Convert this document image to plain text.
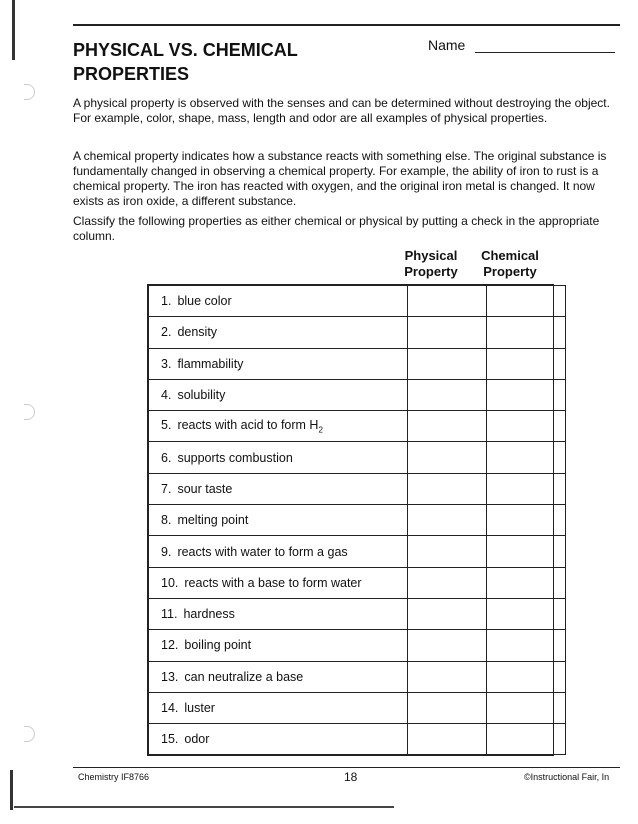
PHYSICAL VS. CHEMICAL
PROPERTIES
Name

A physical property is observed with the senses and can be determined without destroying the object. For example, color, shape, mass, length and odor are all examples of physical properties.

A chemical property indicates how a substance reacts with something else. The original substance is fundamentally changed in observing a chemical property. For example, the ability of iron to rust is a chemical property. The iron has reacted with oxygen, and the original iron metal is changed. It now exists as iron oxide, a different substance.

Classify the following properties as either chemical or physical by putting a check in the appropriate column.

Physical
Property
Chemical
Property
1. blue color		
2. density		
3. flammability		
4. solubility		
5. reacts with acid to form $H_2$		
6. supports combustion		
7. sour taste		
8. melting point		
9. reacts with water to form a gas		
10. reacts with a base to form water		
11. hardness		
12. boiling point		
13. can neutralize a base		
14. luster		
15. odor		
Chemistry IF8766	18	©Instructional Fair, In
